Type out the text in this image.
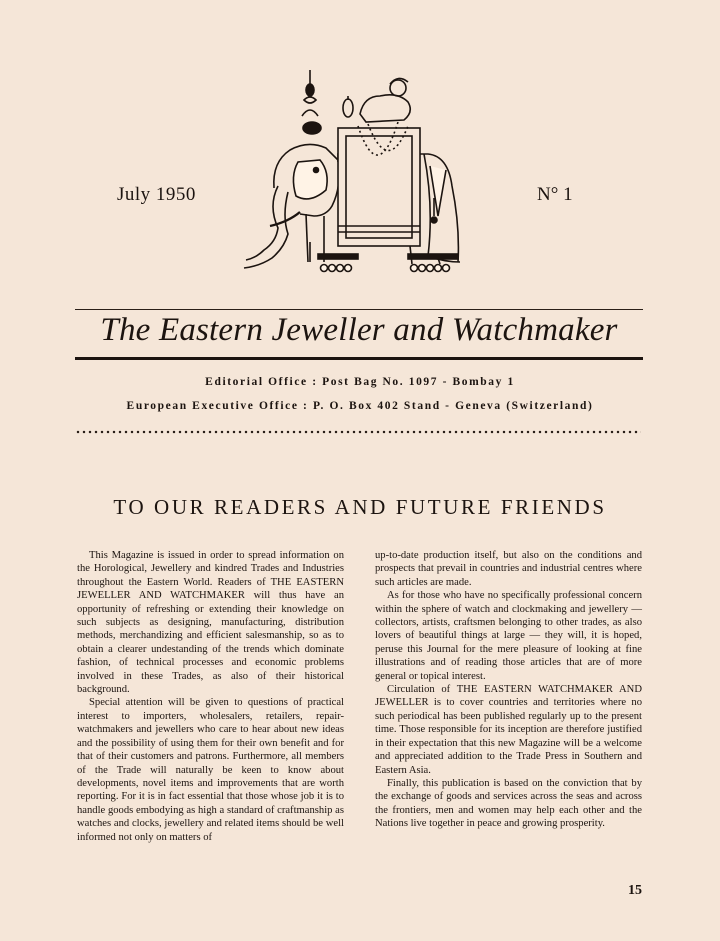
July 1950	N° 1
The Eastern Jeweller and Watchmaker
Editorial Office : Post Bag No. 1097 - Bombay 1
European Executive Office : P. O. Box 402 Stand - Geneva (Switzerland)
TO OUR READERS AND FUTURE FRIENDS

This Magazine is issued in order to spread information on the Horological, Jewellery and kindred Trades and Industries throughout the Eastern World. Readers of THE EASTERN JEWELLER AND WATCHMAKER will thus have an opportunity of refreshing or extending their knowledge on such subjects as designing, manufacturing, distribution methods, merchandizing and efficient salesmanship, so as to obtain a clearer undestanding of the trends which dominate fashion, of technical processes and economic problems involved in these Trades, as also of their historical background.

Special attention will be given to questions of practical interest to importers, wholesalers, retailers, repair-watchmakers and jewellers who care to hear about new ideas and the possibility of using them for their own benefit and for that of their customers and patrons. Furthermore, all members of the Trade will naturally be keen to know about developments, novel items and improvements that are worth reporting. For it is in fact essential that those whose job it is to handle goods embodying as high a standard of craftmanship as watches and clocks, jewellery and related items should be well informed not only on matters of

up-to-date production itself, but also on the conditions and prospects that prevail in countries and industrial centres where such articles are made.

As for those who have no specifically professional concern within the sphere of watch and clockmaking and jewellery — collectors, artists, craftsmen belonging to other trades, as also lovers of beautiful things at large — they will, it is hoped, peruse this Journal for the mere pleasure of looking at fine illustrations and of reading those articles that are of more general or topical interest.

Circulation of THE EASTERN WATCHMAKER AND JEWELLER is to cover countries and territories where no such periodical has been published regularly up to the present time. Those responsible for its inception are therefore justified in their expectation that this new Magazine will be a welcome and appreciated addition to the Trade Press in Southern and Eastern Asia.

Finally, this publication is based on the conviction that by the exchange of goods and services across the seas and across the frontiers, men and women may help each other and the Nations live together in peace and growing prosperity.

15
